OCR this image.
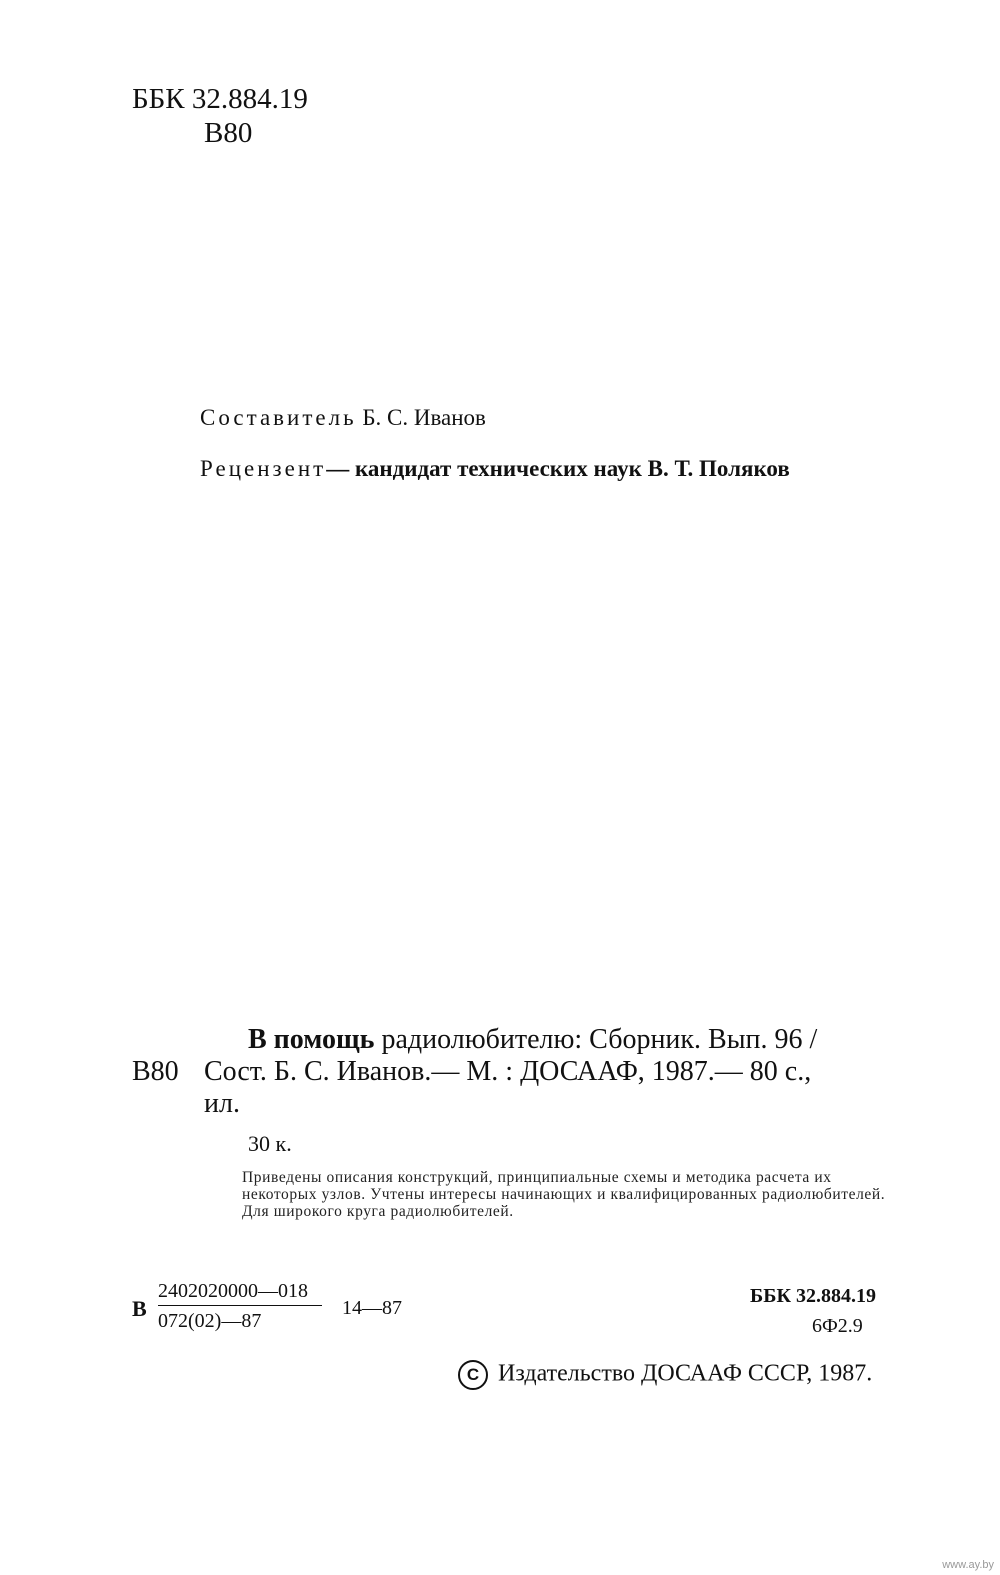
ББК 32.884.19
В80
Составитель Б. С. Иванов
Рецензент— кандидат технических наук В. Т. Поляков
В помощь радиолюбителю: Сборник. Вып. 96 /
В80 Сост. Б. С. Иванов.— М. : ДОСААФ, 1987.— 80 с.,
ил.
30 к.

Приведены описания конструкций, принципиальные схемы и методика расчета их некоторых узлов. Учтены интересы начинающих и квалифицированных радиолюбителей.

Для широкого круга радиолюбителей.

В
2402020000—018
072(02)—87
14—87
ББК 32.884.19
6Ф2.9
C Издательство ДОСААФ СССР, 1987.
www.ay.by
